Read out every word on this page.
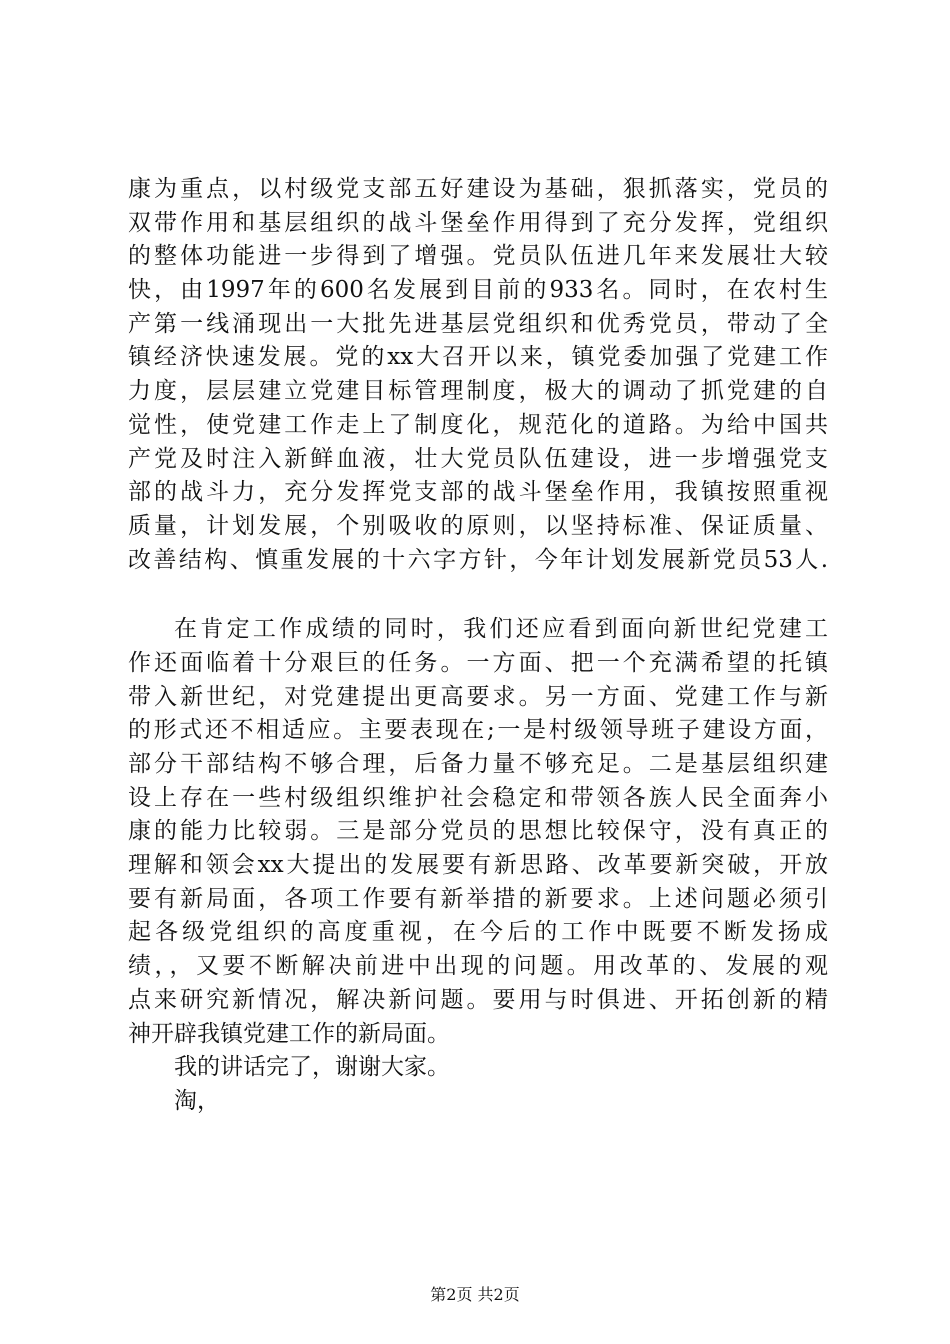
康为重点，以村级党支部五好建设为基础，狠抓落实，党员的
双带作用和基层组织的战斗堡垒作用得到了充分发挥，党组织
的整体功能进一步得到了增强。党员队伍进几年来发展壮大较
快，由1997年的600名发展到目前的933名。同时，在农村生
产第一线涌现出一大批先进基层党组织和优秀党员，带动了全
镇经济快速发展。党的xx大召开以来，镇党委加强了党建工作
力度，层层建立党建目标管理制度，极大的调动了抓党建的自
觉性，使党建工作走上了制度化，规范化的道路。为给中国共
产党及时注入新鲜血液，壮大党员队伍建设，进一步增强党支
部的战斗力，充分发挥党支部的战斗堡垒作用，我镇按照重视
质量，计划发展，个别吸收的原则，以坚持标准、保证质量、
改善结构、慎重发展的十六字方针，今年计划发展新党员53人.
在肯定工作成绩的同时，我们还应看到面向新世纪党建工
作还面临着十分艰巨的任务。一方面、把一个充满希望的托镇
带入新世纪，对党建提出更高要求。另一方面、党建工作与新
的形式还不相适应。主要表现在;一是村级领导班子建设方面，
部分干部结构不够合理，后备力量不够充足。二是基层组织建
设上存在一些村级组织维护社会稳定和带领各族人民全面奔小
康的能力比较弱。三是部分党员的思想比较保守，没有真正的
理解和领会xx大提出的发展要有新思路、改革要新突破，开放
要有新局面，各项工作要有新举措的新要求。上述问题必须引
起各级党组织的高度重视，在今后的工作中既要不断发扬成
绩，，又要不断解决前进中出现的问题。用改革的、发展的观
点来研究新情况，解决新问题。要用与时俱进、开拓创新的精
神开辟我镇党建工作的新局面。
我的讲话完了，谢谢大家。
淘，
第2页 共2页
